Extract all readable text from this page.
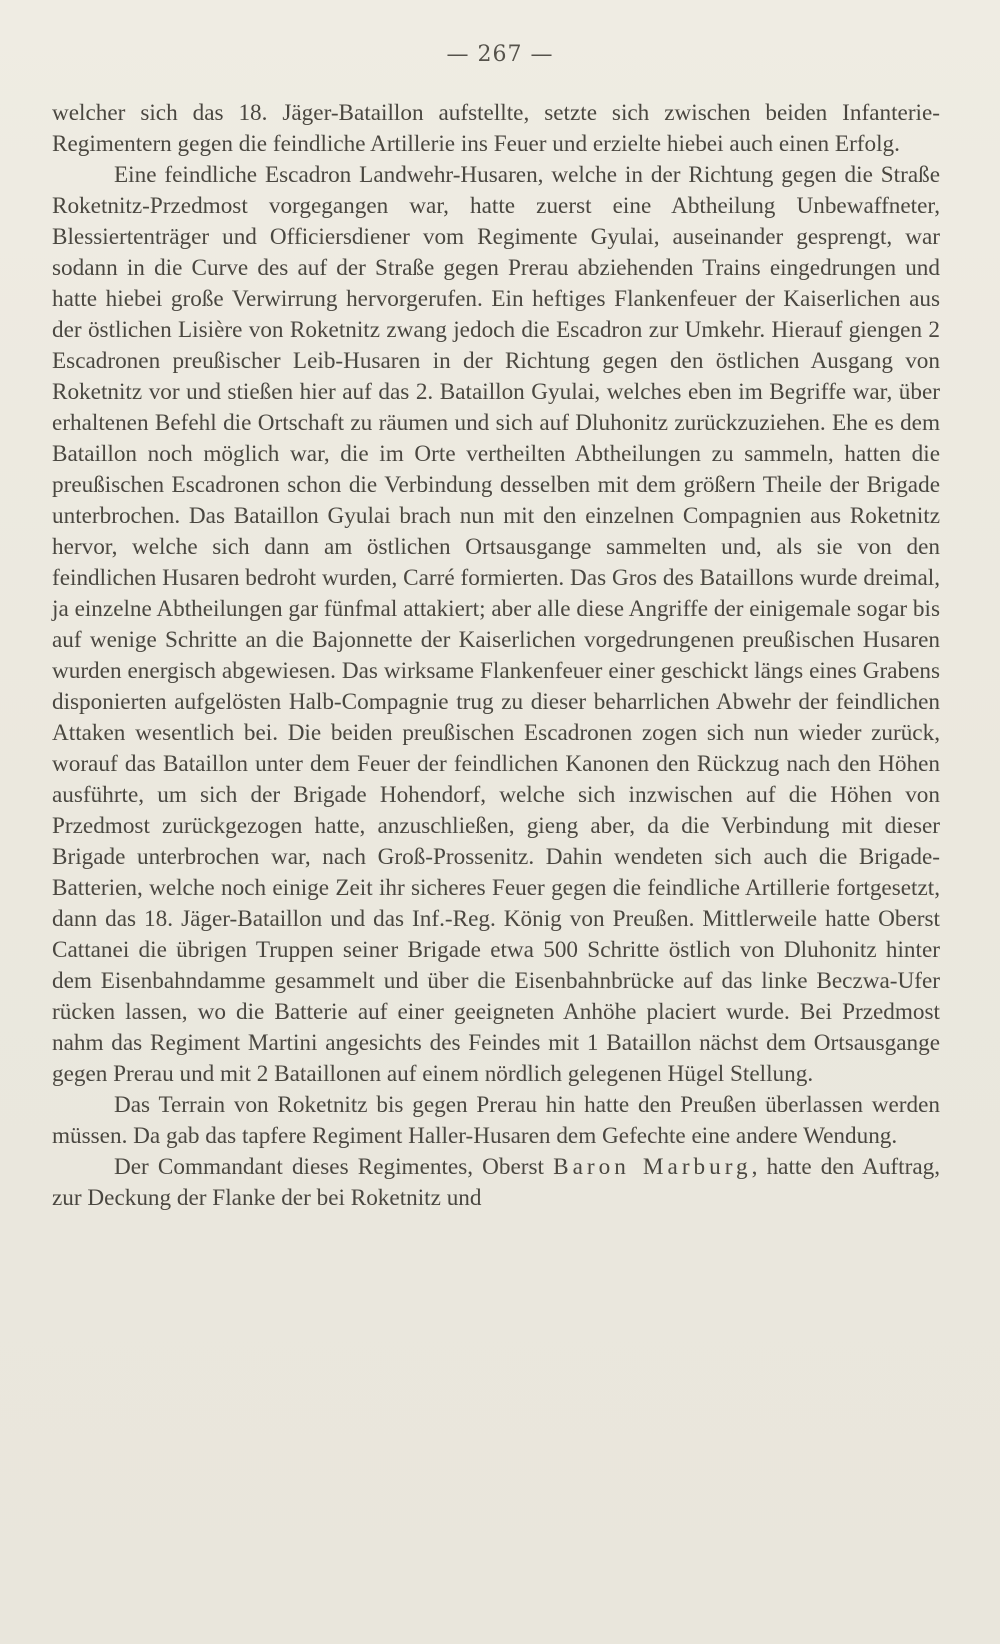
— 267 —

welcher sich das 18. Jäger-Bataillon aufstellte, setzte sich zwischen beiden Infanterie-Regimentern gegen die feindliche Artillerie ins Feuer und erzielte hiebei auch einen Erfolg.

Eine feindliche Escadron Landwehr-Husaren, welche in der Richtung gegen die Straße Roketnitz-Przedmost vorgegangen war, hatte zuerst eine Abtheilung Unbewaffneter, Blessiertenträger und Officiersdiener vom Regimente Gyulai, auseinander gesprengt, war sodann in die Curve des auf der Straße gegen Prerau abziehenden Trains eingedrungen und hatte hiebei große Verwirrung hervorgerufen. Ein heftiges Flankenfeuer der Kaiserlichen aus der östlichen Lisière von Roketnitz zwang jedoch die Escadron zur Umkehr. Hierauf giengen 2 Escadronen preußischer Leib-Husaren in der Richtung gegen den östlichen Ausgang von Roketnitz vor und stießen hier auf das 2. Bataillon Gyulai, welches eben im Begriffe war, über erhaltenen Befehl die Ortschaft zu räumen und sich auf Dluhonitz zurückzuziehen. Ehe es dem Bataillon noch möglich war, die im Orte vertheilten Abtheilungen zu sammeln, hatten die preußischen Escadronen schon die Verbindung desselben mit dem größern Theile der Brigade unterbrochen. Das Bataillon Gyulai brach nun mit den einzelnen Compagnien aus Roketnitz hervor, welche sich dann am östlichen Ortsausgange sammelten und, als sie von den feindlichen Husaren bedroht wurden, Carré formierten. Das Gros des Bataillons wurde dreimal, ja einzelne Abtheilungen gar fünfmal attakiert; aber alle diese Angriffe der einigemale sogar bis auf wenige Schritte an die Bajonnette der Kaiserlichen vorgedrungenen preußischen Husaren wurden energisch abgewiesen. Das wirksame Flankenfeuer einer geschickt längs eines Grabens disponierten aufgelösten Halb-Compagnie trug zu dieser beharrlichen Abwehr der feindlichen Attaken wesentlich bei. Die beiden preußischen Escadronen zogen sich nun wieder zurück, worauf das Bataillon unter dem Feuer der feindlichen Kanonen den Rückzug nach den Höhen ausführte, um sich der Brigade Hohendorf, welche sich inzwischen auf die Höhen von Przedmost zurückgezogen hatte, anzuschließen, gieng aber, da die Verbindung mit dieser Brigade unterbrochen war, nach Groß-Prossenitz. Dahin wendeten sich auch die Brigade-Batterien, welche noch einige Zeit ihr sicheres Feuer gegen die feindliche Artillerie fortgesetzt, dann das 18. Jäger-Bataillon und das Inf.-Reg. König von Preußen. Mittlerweile hatte Oberst Cattanei die übrigen Truppen seiner Brigade etwa 500 Schritte östlich von Dluhonitz hinter dem Eisenbahndamme gesammelt und über die Eisenbahnbrücke auf das linke Beczwa-Ufer rücken lassen, wo die Batterie auf einer geeigneten Anhöhe placiert wurde. Bei Przedmost nahm das Regiment Martini angesichts des Feindes mit 1 Bataillon nächst dem Ortsausgange gegen Prerau und mit 2 Bataillonen auf einem nördlich gelegenen Hügel Stellung.

Das Terrain von Roketnitz bis gegen Prerau hin hatte den Preußen überlassen werden müssen. Da gab das tapfere Regiment Haller-Husaren dem Gefechte eine andere Wendung.

Der Commandant dieses Regimentes, Oberst Baron Marburg, hatte den Auftrag, zur Deckung der Flanke der bei Roketnitz und
